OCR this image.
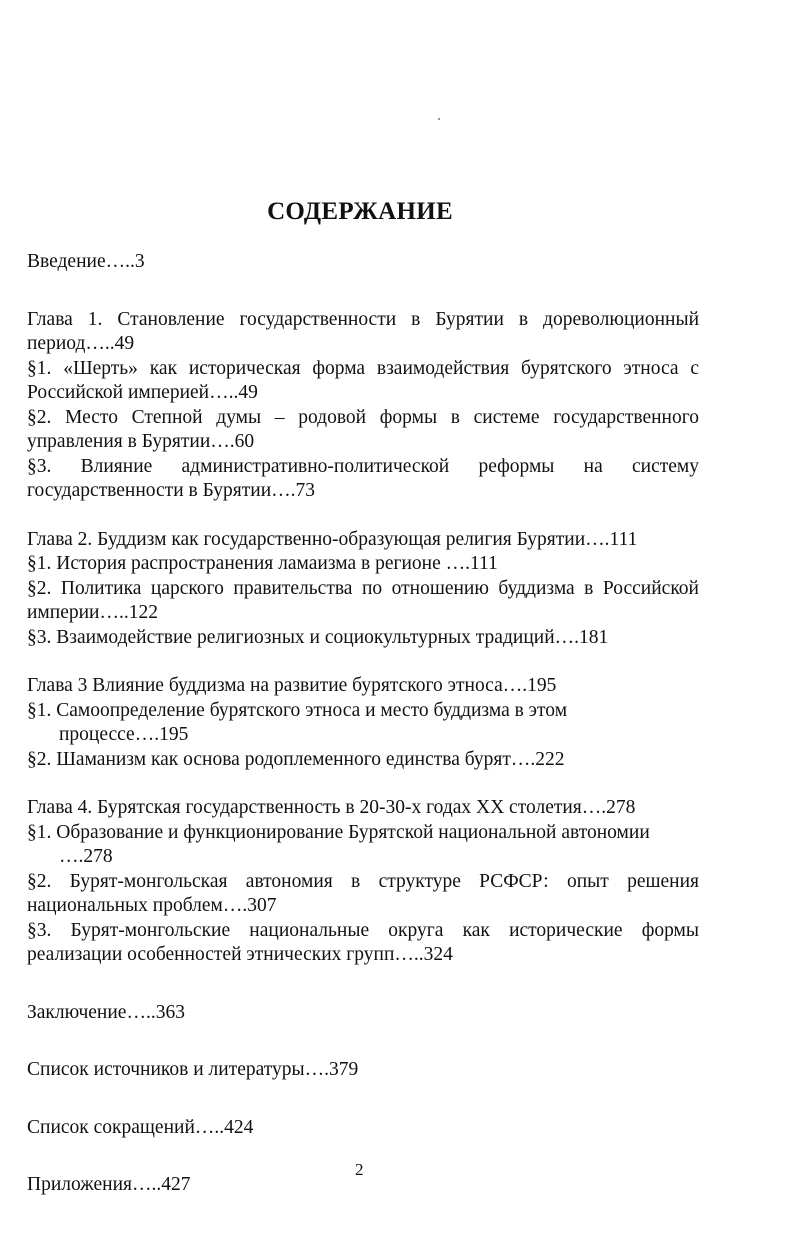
СОДЕРЖАНИЕ

Введение…..3

Глава 1. Становление государственности в Бурятии в дореволюционный период…..49

§1. «Шерть» как историческая форма взаимодействия бурятского этноса с Российской империей…..49

§2. Место Степной думы – родовой формы в системе государственного управления в Бурятии….60

§3. Влияние административно-политической реформы на систему

государственности в Бурятии….73

Глава 2. Буддизм как государственно-образующая религия Бурятии….111

§1. История распространения ламаизма в регионе ….111

§2. Политика царского правительства по отношению буддизма в Российской империи…..122

§3. Взаимодействие религиозных и социокультурных традиций….181

Глава 3 Влияние буддизма на развитие бурятского этноса….195

§1. Самоопределение бурятского этноса и место буддизма в этом процессе….195

§2. Шаманизм как основа родоплеменного единства бурят….222

Глава 4. Бурятская государственность в 20-30-х годах XX столетия….278

§1. Образование и функционирование Бурятской национальной автономии ….278

§2. Бурят-монгольская автономия в структуре РСФСР: опыт решения национальных проблем….307

§3. Бурят-монгольские национальные округа как исторические формы реализации особенностей этнических групп…..324

Заключение…..363

Список источников и литературы….379

Список сокращений…..424

Приложения…..427

2
